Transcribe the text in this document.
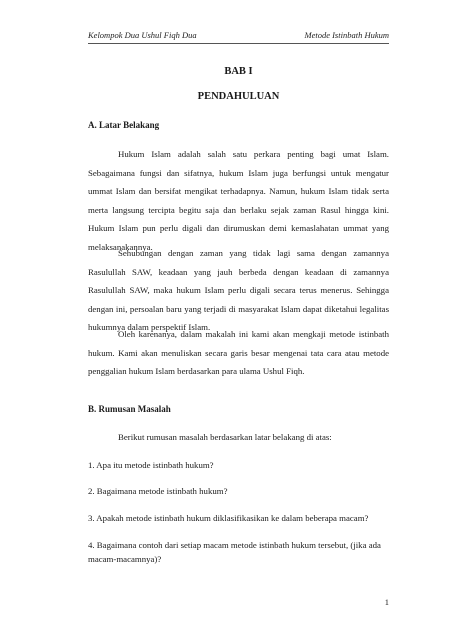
Kelompok Dua Ushul Fiqh Dua	Metode Istinbath Hukum
BAB I
PENDAHULUAN
A. Latar Belakang

Hukum Islam adalah salah satu perkara penting bagi umat Islam. Sebagaimana fungsi dan sifatnya, hukum Islam juga berfungsi untuk mengatur ummat Islam dan bersifat mengikat terhadapnya. Namun, hukum Islam tidak serta merta langsung tercipta begitu saja dan berlaku sejak zaman Rasul hingga kini. Hukum Islam pun perlu digali dan dirumuskan demi kemaslahatan ummat yang melaksanakannya.

Sehubungan dengan zaman yang tidak lagi sama dengan zamannya Rasulullah SAW, keadaan yang jauh berbeda dengan keadaan di zamannya Rasulullah SAW, maka hukum Islam perlu digali secara terus menerus. Sehingga dengan ini, persoalan baru yang terjadi di masyarakat Islam dapat diketahui legalitas hukumnya dalam perspektif Islam.

Oleh karenanya, dalam makalah ini kami akan mengkaji metode istinbath hukum. Kami akan menuliskan secara garis besar mengenai tata cara atau metode penggalian hukum Islam berdasarkan para ulama Ushul Fiqh.

B. Rumusan Masalah

Berikut rumusan masalah berdasarkan latar belakang di atas:

1. Apa itu metode istinbath hukum?

2. Bagaimana metode istinbath hukum?

3. Apakah metode istinbath hukum diklasifikasikan ke dalam beberapa macam?

4. Bagaimana contoh dari setiap macam metode istinbath hukum tersebut, (jika ada macam-macamnya)?

1
